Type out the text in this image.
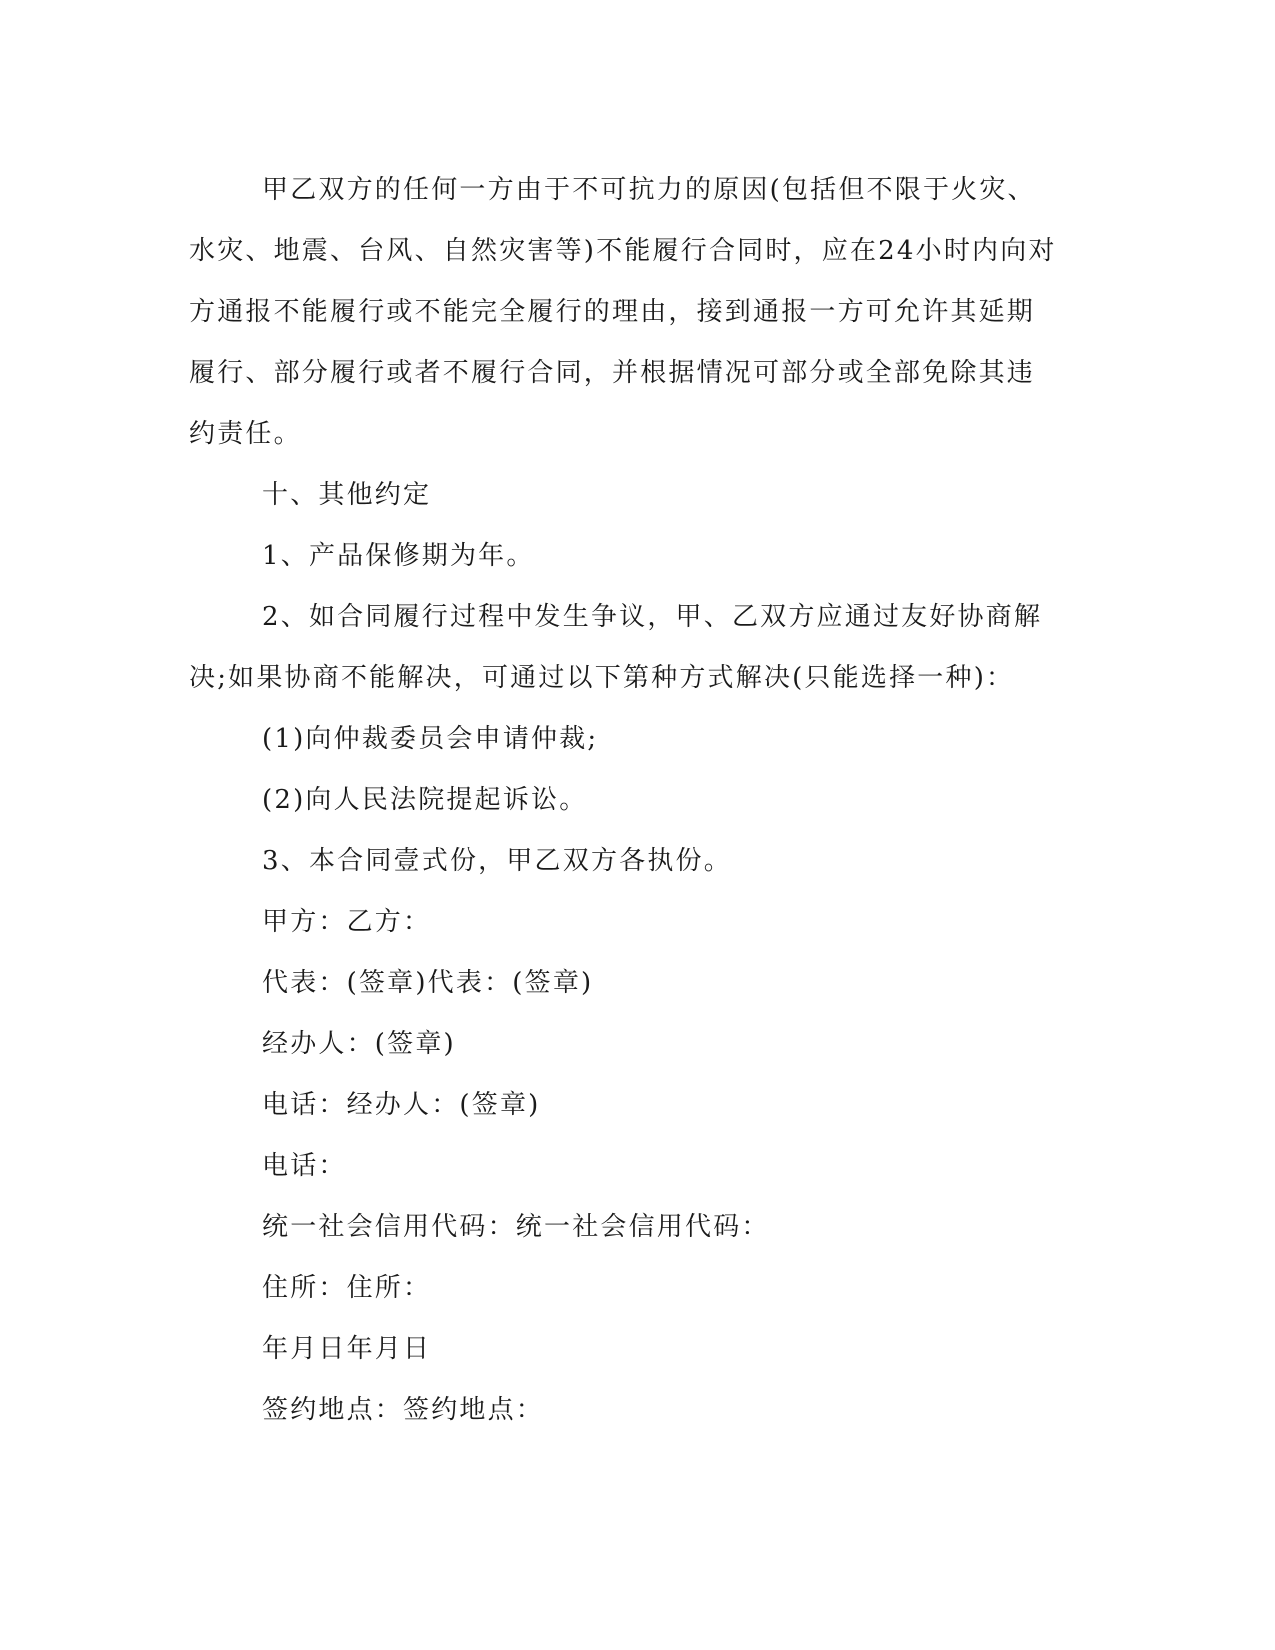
甲乙双方的任何一方由于不可抗力的原因(包括但不限于火灾、
水灾、地震、台风、自然灾害等)不能履行合同时，应在24小时内向对
方通报不能履行或不能完全履行的理由，接到通报一方可允许其延期
履行、部分履行或者不履行合同，并根据情况可部分或全部免除其违
约责任。
十、其他约定
1、产品保修期为年。
2、如合同履行过程中发生争议，甲、乙双方应通过友好协商解
决;如果协商不能解决，可通过以下第种方式解决(只能选择一种)：
(1)向仲裁委员会申请仲裁;
(2)向人民法院提起诉讼。
3、本合同壹式份，甲乙双方各执份。
甲方：乙方：
代表：(签章)代表：(签章)
经办人：(签章)
电话：经办人：(签章)
电话：
统一社会信用代码：统一社会信用代码：
住所：住所：
年月日年月日
签约地点：签约地点：
